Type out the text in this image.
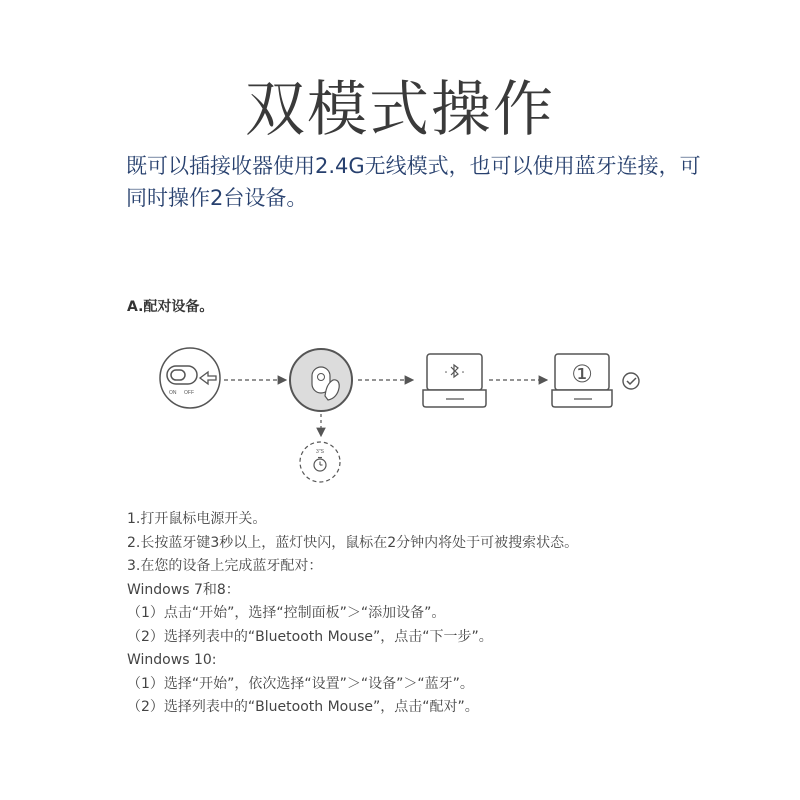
双模式操作
既可以插接收器使用2.4G无线模式，也可以使用蓝牙连接，可同时操作2台设备。
A.配对设备。
ON OFF
①
3″S
1.打开鼠标电源开关。
2.长按蓝牙键3秒以上，蓝灯快闪，鼠标在2分钟内将处于可被搜索状态。
3.在您的设备上完成蓝牙配对：
Windows 7和8：
（1）点击“开始”，选择“控制面板”＞“添加设备”。
（2）选择列表中的“Bluetooth Mouse”，点击“下一步”。
Windows 10:
（1）选择“开始”，依次选择“设置”＞“设备”＞“蓝牙”。
（2）选择列表中的“Bluetooth Mouse”，点击“配对”。
